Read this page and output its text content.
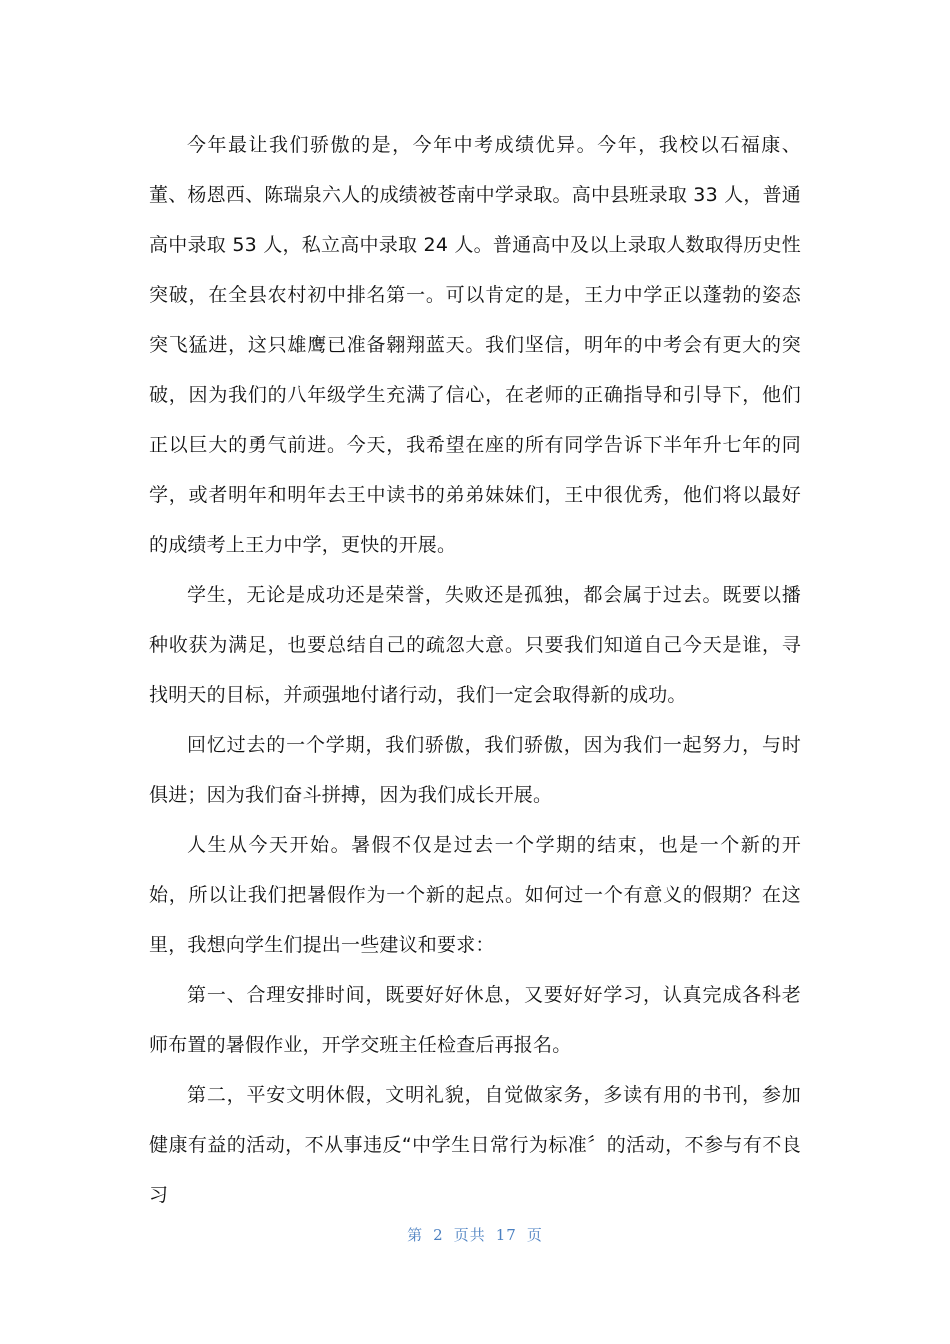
今年最让我们骄傲的是，今年中考成绩优异。今年，我校以石福康、董、杨恩西、陈瑞泉六人的成绩被苍南中学录取。高中县班录取 33 人，普通高中录取 53 人，私立高中录取 24 人。普通高中及以上录取人数取得历史性突破，在全县农村初中排名第一。可以肯定的是，王力中学正以蓬勃的姿态突飞猛进，这只雄鹰已准备翱翔蓝天。我们坚信，明年的中考会有更大的突破，因为我们的八年级学生充满了信心，在老师的正确指导和引导下，他们正以巨大的勇气前进。今天，我希望在座的所有同学告诉下半年升七年的同学，或者明年和明年去王中读书的弟弟妹妹们，王中很优秀，他们将以最好的成绩考上王力中学，更快的开展。

学生，无论是成功还是荣誉，失败还是孤独，都会属于过去。既要以播种收获为满足，也要总结自己的疏忽大意。只要我们知道自己今天是谁，寻找明天的目标，并顽强地付诸行动，我们一定会取得新的成功。

回忆过去的一个学期，我们骄傲，我们骄傲，因为我们一起努力，与时俱进；因为我们奋斗拼搏，因为我们成长开展。

人生从今天开始。暑假不仅是过去一个学期的结束，也是一个新的开始，所以让我们把暑假作为一个新的起点。如何过一个有意义的假期？在这里，我想向学生们提出一些建议和要求：

第一、合理安排时间，既要好好休息，又要好好学习，认真完成各科老师布置的暑假作业，开学交班主任检查后再报名。

第二，平安文明休假，文明礼貌，自觉做家务，多读有用的书刊，参加健康有益的活动，不从事违反“中学生日常行为标准〞的活动，不参与有不良习

第 2 页共 17 页
